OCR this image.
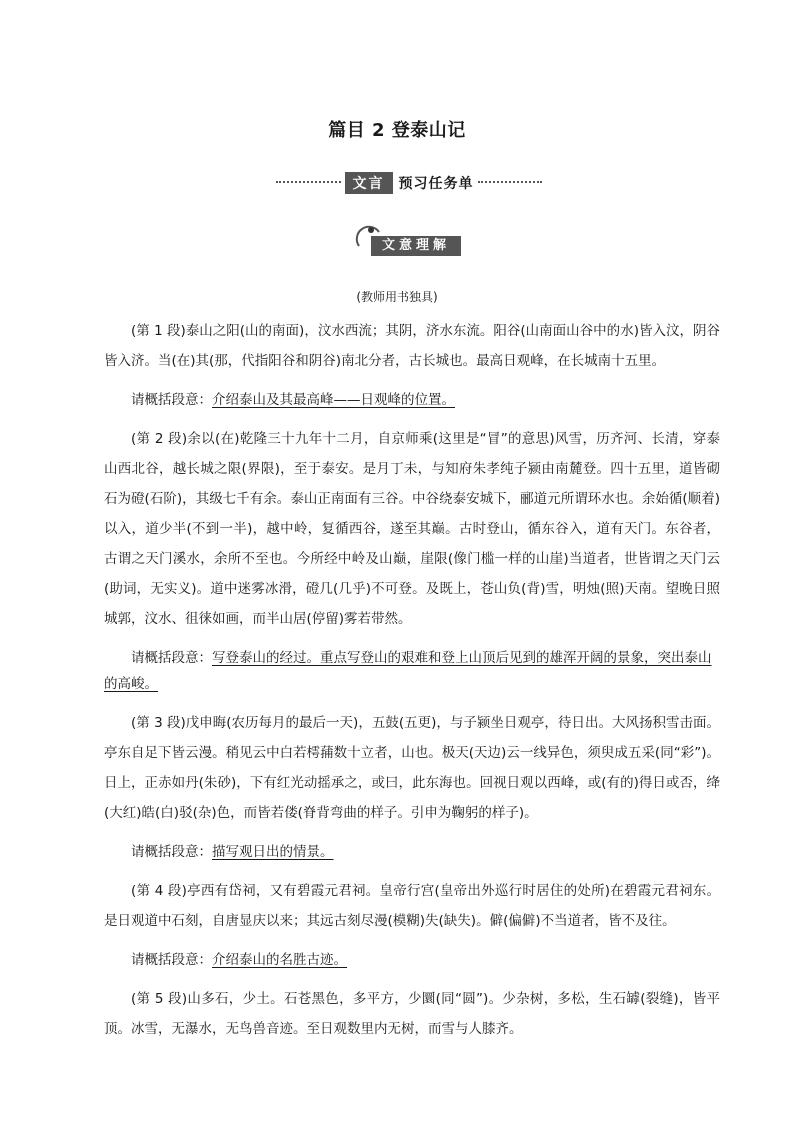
篇目 2 登泰山记
文言	预习任务单
文意理解
(教师用书独具)

(第 1 段)泰山之阳(山的南面)，汶水西流；其阴，济水东流。阳谷(山南面山谷中的水)皆入汶，阴谷皆入济。当(在)其(那，代指阳谷和阴谷)南北分者，古长城也。最高日观峰，在长城南十五里。

请概括段意：介绍泰山及其最高峰——日观峰的位置。

(第 2 段)余以(在)乾隆三十九年十二月，自京师乘(这里是“冒”的意思)风雪，历齐河、长清，穿泰山西北谷，越长城之限(界限)，至于泰安。是月丁未，与知府朱孝纯子颍由南麓登。四十五里，道皆砌石为磴(石阶)，其级七千有余。泰山正南面有三谷。中谷绕泰安城下，郦道元所谓环水也。余始循(顺着)以入，道少半(不到一半)，越中岭，复循西谷，遂至其巅。古时登山，循东谷入，道有天门。东谷者，古谓之天门溪水，余所不至也。今所经中岭及山巅，崖限(像门槛一样的山崖)当道者，世皆谓之天门云(助词，无实义)。道中迷雾冰滑，磴几(几乎)不可登。及既上，苍山负(背)雪，明烛(照)天南。望晚日照城郭，汶水、徂徕如画，而半山居(停留)雾若带然。

请概括段意：写登泰山的经过。重点写登山的艰难和登上山顶后见到的雄浑开阔的景象，突出泰山的高峻。

(第 3 段)戊申晦(农历每月的最后一天)，五鼓(五更)，与子颍坐日观亭，待日出。大风扬积雪击面。亭东自足下皆云漫。稍见云中白若樗蒱数十立者，山也。极天(天边)云一线异色，须臾成五采(同“彩”)。日上，正赤如丹(朱砂)，下有红光动摇承之，或曰，此东海也。回视日观以西峰，或(有的)得日或否，绛(大红)皓(白)驳(杂)色，而皆若偻(脊背弯曲的样子。引申为鞠躬的样子)。

请概括段意：描写观日出的情景。

(第 4 段)亭西有岱祠，又有碧霞元君祠。皇帝行宫(皇帝出外巡行时居住的处所)在碧霞元君祠东。是日观道中石刻，自唐显庆以来；其远古刻尽漫(模糊)失(缺失)。僻(偏僻)不当道者，皆不及往。

请概括段意：介绍泰山的名胜古迹。

(第 5 段)山多石，少土。石苍黑色，多平方，少圜(同“圆”)。少杂树，多松，生石罅(裂缝)，皆平顶。冰雪，无瀑水，无鸟兽音迹。至日观数里内无树，而雪与人膝齐。
